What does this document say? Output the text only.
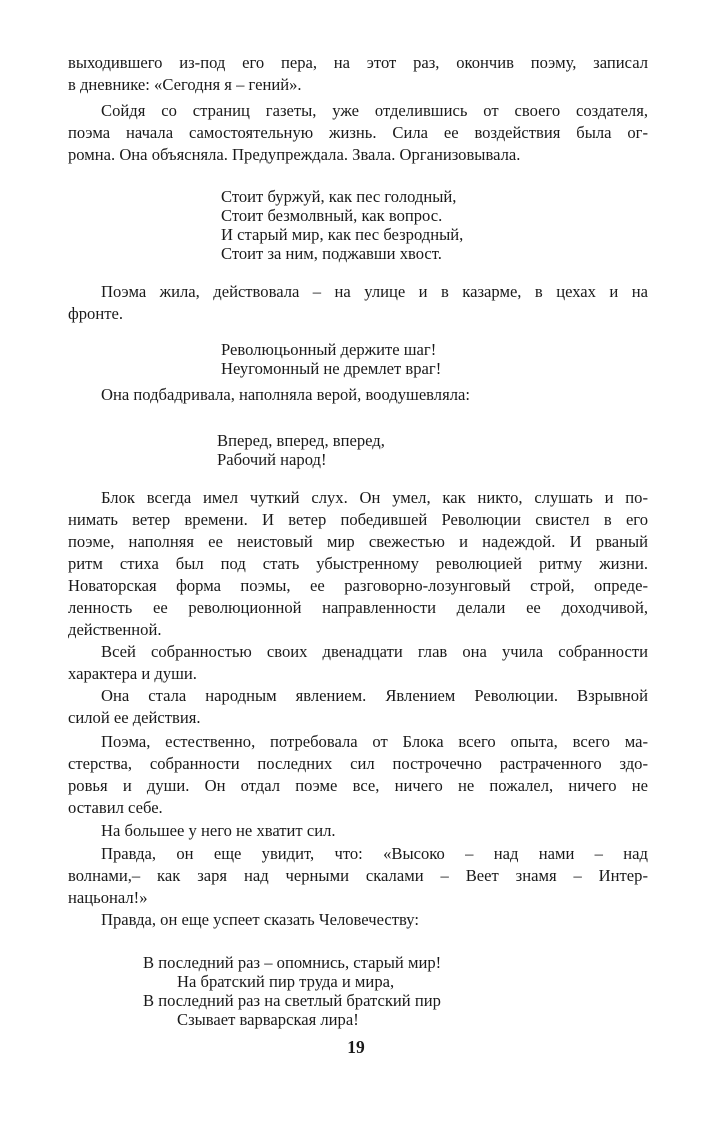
выходившего из-под его пера, на этот раз, окончив поэму, записал
в дневнике: «Сегодня я – гений».
Сойдя со страниц газеты, уже отделившись от своего создателя,
поэма начала самостоятельную жизнь. Сила ее воздействия была ог-
ромна. Она объясняла. Предупреждала. Звала. Организовывала.
Стоит буржуй, как пес голодный,
Стоит безмолвный, как вопрос.
И старый мир, как пес безродный,
Стоит за ним, поджавши хвост.
Поэма жила, действовала – на улице и в казарме, в цехах и на
фронте.
Революцьонный держите шаг!
Неугомонный не дремлет враг!
Она подбадривала, наполняла верой, воодушевляла:
Вперед, вперед, вперед,
Рабочий народ!
Блок всегда имел чуткий слух. Он умел, как никто, слушать и по-
нимать ветер времени. И ветер победившей Революции свистел в его
поэме, наполняя ее неистовый мир свежестью и надеждой. И рваный
ритм стиха был под стать убыстренному революцией ритму жизни.
Новаторская форма поэмы, ее разговорно-лозунговый строй, опреде-
ленность ее революционной направленности делали ее доходчивой,
действенной.
Всей собранностью своих двенадцати глав она учила собранности
характера и души.
Она стала народным явлением. Явлением Революции. Взрывной
силой ее действия.
Поэма, естественно, потребовала от Блока всего опыта, всего ма-
стерства, собранности последних сил построчечно растраченного здо-
ровья и души. Он отдал поэме все, ничего не пожалел, ничего не
оставил себе.
На большее у него не хватит сил.
Правда, он еще увидит, что: «Высоко – над нами – над
волнами,– как заря над черными скалами – Веет знамя – Интер-
нацьонал!»
Правда, он еще успеет сказать Человечеству:
В последний раз – опомнись, старый мир!
На братский пир труда и мира,
В последний раз на светлый братский пир
Сзывает варварская лира!
19
